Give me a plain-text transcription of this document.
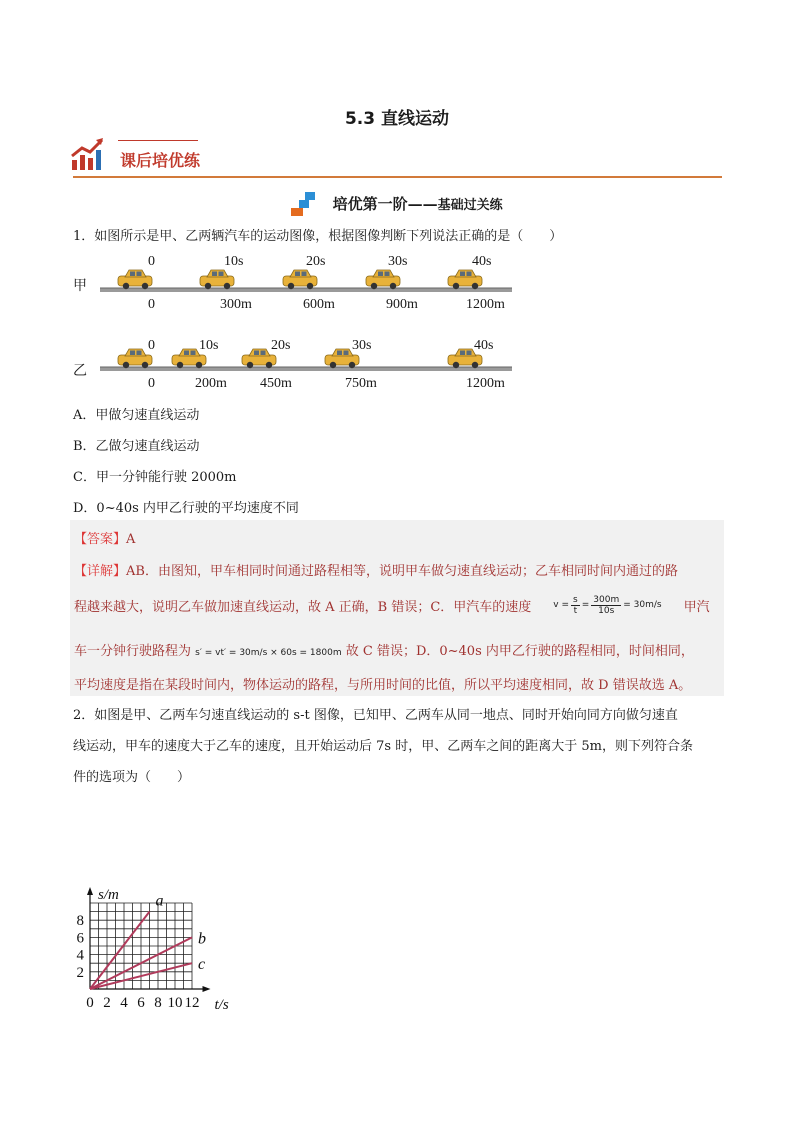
5.3 直线运动
课后培优练
培优第一阶——基础过关练
1．如图所示是甲、乙两辆汽车的运动图像，根据图像判断下列说法正确的是（　　）
甲
0	10s	20s	30s	40s
0	300m	600m	900m	1200m
乙
0	10s	20s	30s	40s
0	200m 450m	750m	1200m
A．甲做匀速直线运动
B．乙做匀速直线运动
C．甲一分钟能行驶 2000m
D．0~40s 内甲乙行驶的平均速度不同
【答案】A
【详解】AB．由图知，甲车相同时间通过路程相等，说明甲车做匀速直线运动；乙车相同时间内通过的路
程越来越大，说明乙车做加速直线运动，故 A 正确，B 错误；C．甲汽车的速度 $v = \frac{s}{t} = \frac{300m}{10s} = 30m/s$ 甲汽
车一分钟行驶路程为 s′ = vt′ = 30m/s × 60s = 1800m 故 C 错误；D．0~40s 内甲乙行驶的路程相同，时间相同，
平均速度是指在某段时间内，物体运动的路程，与所用时间的比值，所以平均速度相同，故 D 错误故选 A。
2．如图是甲、乙两车匀速直线运动的 s-t 图像，已知甲、乙两车从同一地点、同时开始向同方向做匀速直
线运动，甲车的速度大于乙车的速度，且开始运动后 7s 时，甲、乙两车之间的距离大于 5m，则下列符合条
件的选项为（　　）
0 2 4 6 8 10 12
2
4
6
8
t/s
s/m a
b
c
